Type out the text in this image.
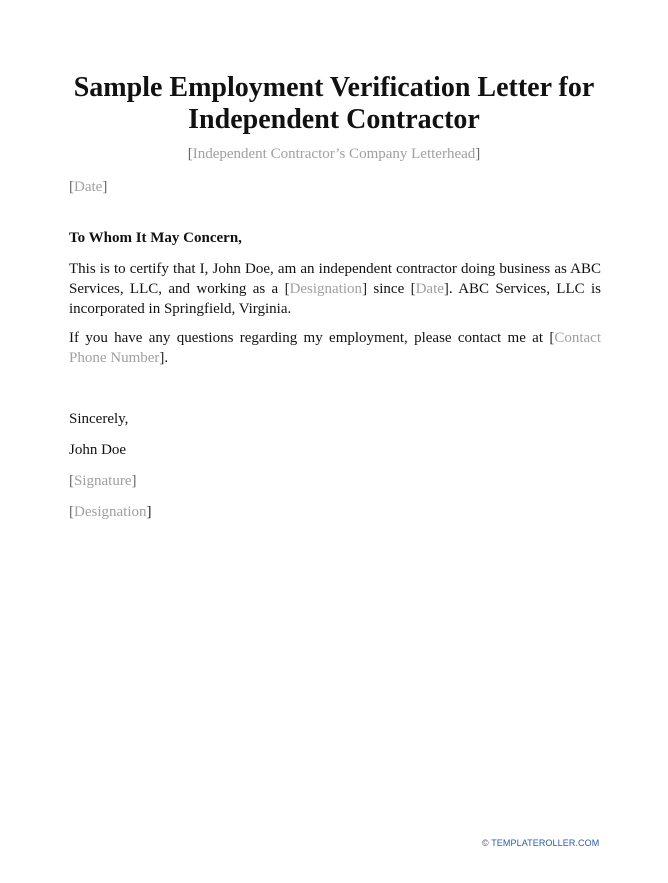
Sample Employment Verification Letter for
Independent Contractor
[Independent Contractor’s Company Letterhead]
[Date]
To Whom It May Concern,
This is to certify that I, John Doe, am an independent contractor doing business as ABC Services, LLC, and working as a [Designation] since [Date]. ABC Services, LLC is incorporated in Springfield, Virginia.
If you have any questions regarding my employment, please contact me at [Contact Phone Number].
Sincerely,
John Doe
[Signature]
[Designation]
© TEMPLATEROLLER.COM
